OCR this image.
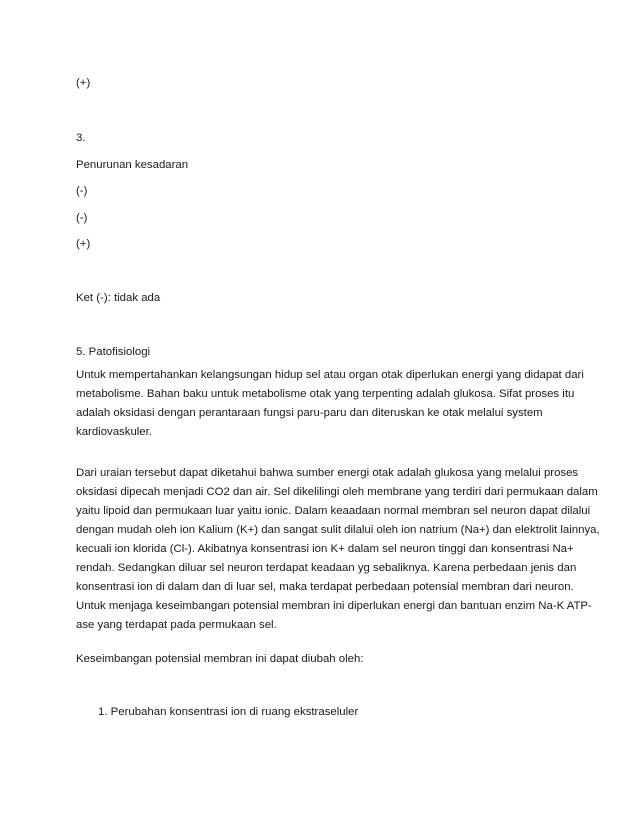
(+)

3.

Penurunan kesadaran

(-)

(-)

(+)

Ket (-): tidak ada

5. Patofisiologi

Untuk mempertahankan kelangsungan hidup sel atau organ otak diperlukan energi yang didapat dari
metabolisme. Bahan baku untuk metabolisme otak yang terpenting adalah glukosa. Sifat proses itu
adalah oksidasi dengan perantaraan fungsi paru-paru dan diteruskan ke otak melalui system
kardiovaskuler.
Dari uraian tersebut dapat diketahui bahwa sumber energi otak adalah glukosa yang melalui proses
oksidasi dipecah menjadi CO2 dan air. Sel dikelilingi oleh membrane yang terdiri dari permukaan dalam
yaitu lipoid dan permukaan luar yaitu ionic. Dalam keaadaan normal membran sel neuron dapat dilalui
dengan mudah oleh ion Kalium (K+) dan sangat sulit dilalui oleh ion natrium (Na+) dan elektrolit lainnya,
kecuali ion klorida (Cl-). Akibatnya konsentrasi ion K+ dalam sel neuron tinggi dan konsentrasi Na+
rendah. Sedangkan diluar sel neuron terdapat keadaan yg sebaliknya. Karena perbedaan jenis dan
konsentrasi ion di dalam dan di luar sel, maka terdapat perbedaan potensial membran dari neuron.
Untuk menjaga keseimbangan potensial membran ini diperlukan energi dan bantuan enzim Na-K ATP-
ase yang terdapat pada permukaan sel.

Keseimbangan potensial membran ini dapat diubah oleh:

1. Perubahan konsentrasi ion di ruang ekstraseluler
